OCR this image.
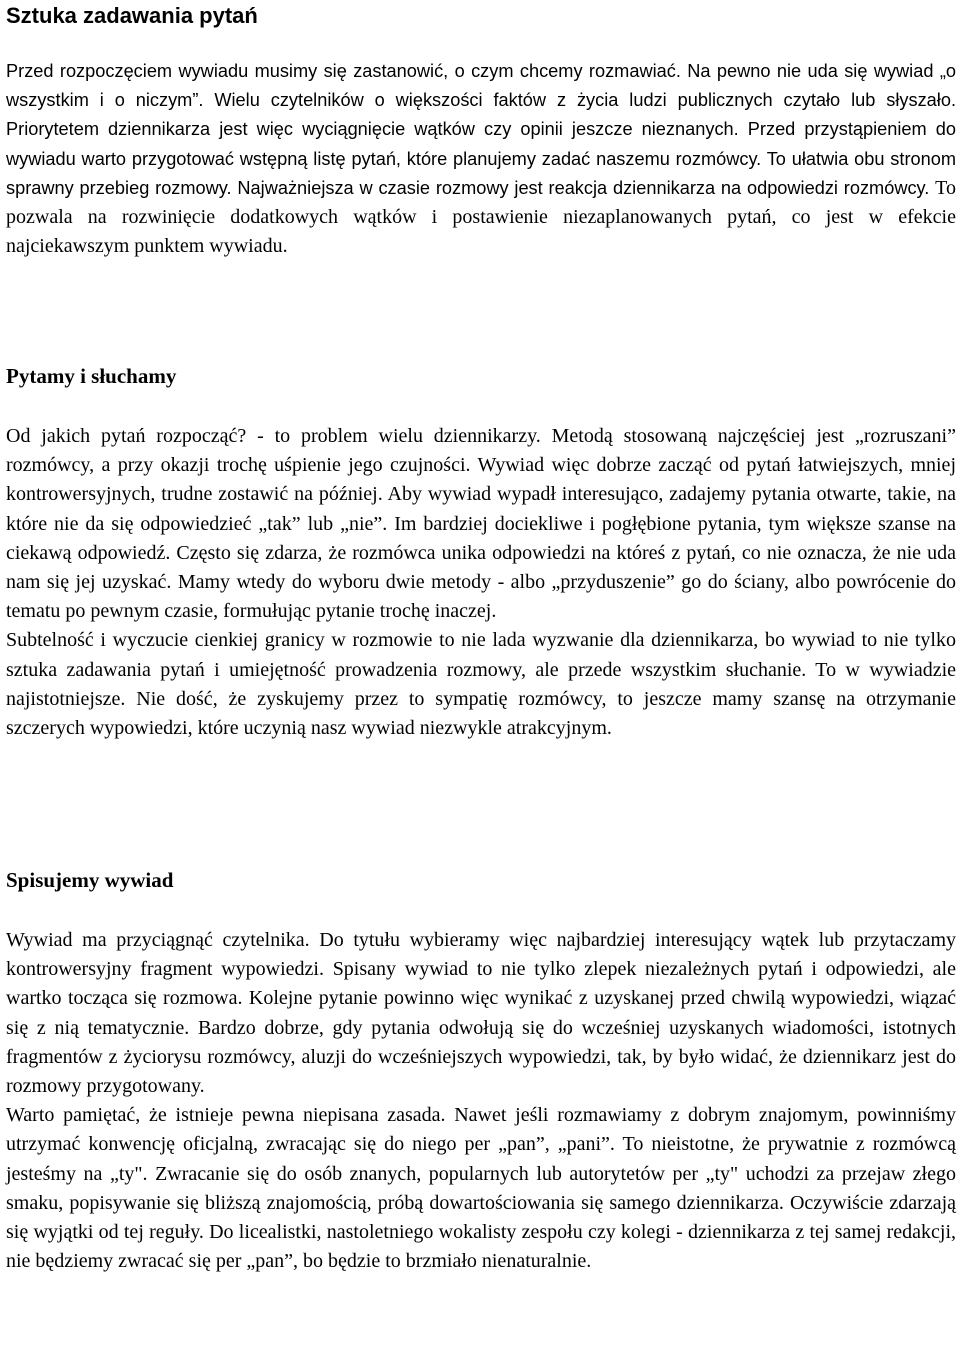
Sztuka zadawania pytań

Przed rozpoczęciem wywiadu musimy się zastanowić, o czym chcemy rozmawiać. Na pewno nie uda się wywiad „o wszystkim i o niczym”. Wielu czytelników o większości faktów z życia ludzi publicznych czytało lub słyszało. Priorytetem dziennikarza jest więc wyciągnięcie wątków czy opinii jeszcze nieznanych. Przed przystąpieniem do wywiadu warto przygotować wstępną listę pytań, które planujemy zadać naszemu rozmówcy. To ułatwia obu stronom sprawny przebieg rozmowy. Najważniejsza w czasie rozmowy jest reakcja dziennikarza na odpowiedzi rozmówcy. To pozwala na rozwinięcie dodatkowych wątków i postawienie niezaplanowanych pytań, co jest w efekcie najciekawszym punktem wywiadu.

Pytamy i słuchamy

Od jakich pytań rozpocząć? - to problem wielu dziennikarzy. Metodą stosowaną najczęściej jest „rozruszani” rozmówcy, a przy okazji trochę uśpienie jego czujności. Wywiad więc dobrze zacząć od pytań łatwiejszych, mniej kontrowersyjnych, trudne zostawić na później. Aby wywiad wypadł interesująco, zadajemy pytania otwarte, takie, na które nie da się odpowiedzieć „tak” lub „nie”. Im bardziej dociekliwe i pogłębione pytania, tym większe szanse na ciekawą odpowiedź. Często się zdarza, że rozmówca unika odpowiedzi na któreś z pytań, co nie oznacza, że nie uda nam się jej uzyskać. Mamy wtedy do wyboru dwie metody - albo „przyduszenie” go do ściany, albo powrócenie do tematu po pewnym czasie, formułując pytanie trochę inaczej.

Subtelność i wyczucie cienkiej granicy w rozmowie to nie lada wyzwanie dla dziennikarza, bo wywiad to nie tylko sztuka zadawania pytań i umiejętność prowadzenia rozmowy, ale przede wszystkim słuchanie. To w wywiadzie najistotniejsze. Nie dość, że zyskujemy przez to sympatię rozmówcy, to jeszcze mamy szansę na otrzymanie szczerych wypowiedzi, które uczynią nasz wywiad niezwykle atrakcyjnym.

Spisujemy wywiad

Wywiad ma przyciągnąć czytelnika. Do tytułu wybieramy więc najbardziej interesujący wątek lub przytaczamy kontrowersyjny fragment wypowiedzi. Spisany wywiad to nie tylko zlepek niezależnych pytań i odpowiedzi, ale wartko tocząca się rozmowa. Kolejne pytanie powinno więc wynikać z uzyskanej przed chwilą wypowiedzi, wiązać się z nią tematycznie. Bardzo dobrze, gdy pytania odwołują się do wcześniej uzyskanych wiadomości, istotnych fragmentów z życiorysu rozmówcy, aluzji do wcześniejszych wypowiedzi, tak, by było widać, że dziennikarz jest do rozmowy przygotowany.

Warto pamiętać, że istnieje pewna niepisana zasada. Nawet jeśli rozmawiamy z dobrym znajomym, powinniśmy utrzymać konwencję oficjalną, zwracając się do niego per „pan”, „pani”. To nieistotne, że prywatnie z rozmówcą jesteśmy na „ty". Zwracanie się do osób znanych, popularnych lub autorytetów per „ty" uchodzi za przejaw złego smaku, popisywanie się bliższą znajomością, próbą dowartościowania się samego dziennikarza. Oczywiście zdarzają się wyjątki od tej reguły. Do licealistki, nastoletniego wokalisty zespołu czy kolegi - dziennikarza z tej samej redakcji, nie będziemy zwracać się per „pan”, bo będzie to brzmiało nienaturalnie.
